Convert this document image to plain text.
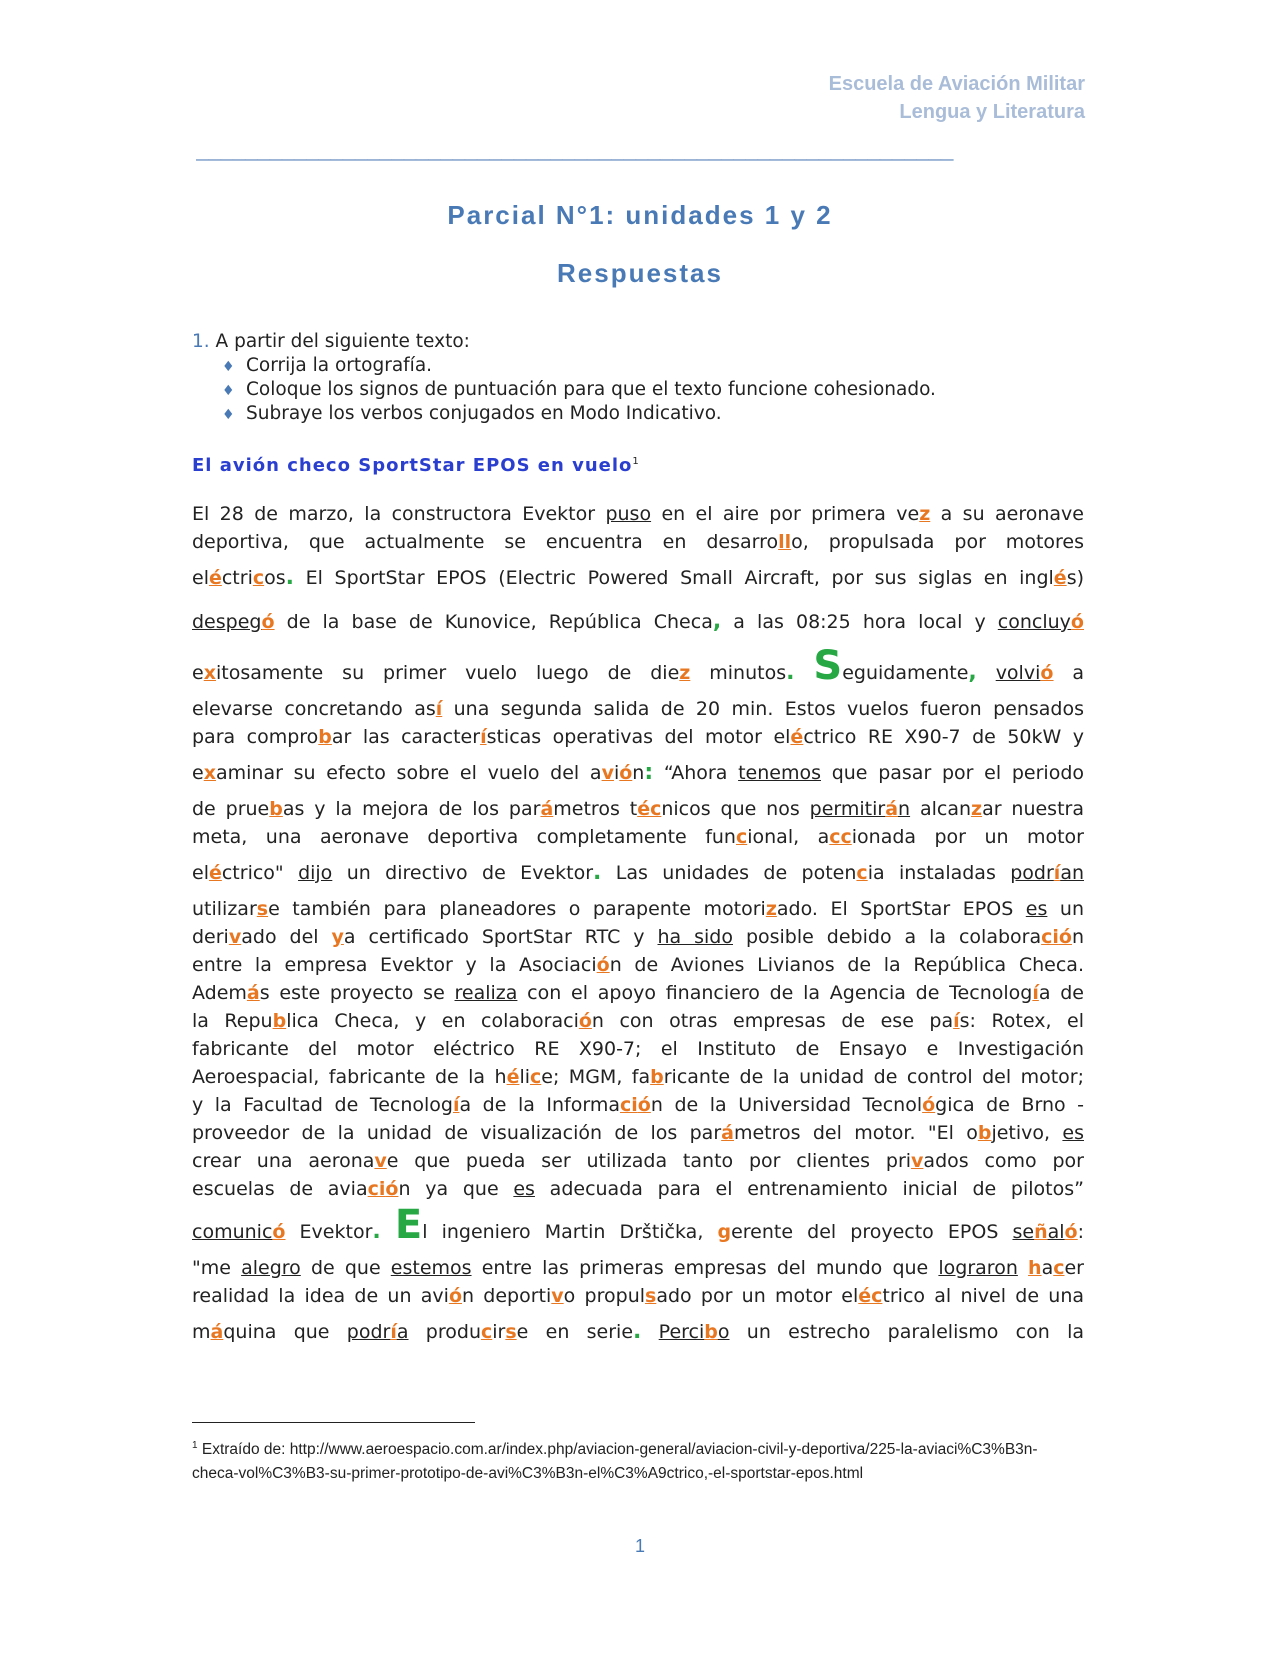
Escuela de Aviación Militar
Lengua y Literatura
______________________________________________________________
Parcial N°1: unidades 1 y 2
Respuestas
1. A partir del siguiente texto:
♦ Corrija la ortografía.
♦ Coloque los signos de puntuación para que el texto funcione cohesionado.
♦ Subraye los verbos conjugados en Modo Indicativo.
El avión checo SportStar EPOS en vuelo$^1$
El 28 de marzo, la constructora Evektor puso en el aire por primera vez a su aeronave
deportiva, que actualmente se encuentra en desarrollo, propulsada por motores
eléctricos. El SportStar EPOS (Electric Powered Small Aircraft, por sus siglas en inglés)
despegó de la base de Kunovice, República Checa, a las 08:25 hora local y concluyó
exitosamente su primer vuelo luego de diez minutos. Seguidamente, volvió a
elevarse concretando así una segunda salida de 20 min. Estos vuelos fueron pensados
para comprobar las características operativas del motor eléctrico RE X90-7 de 50kW y
examinar su efecto sobre el vuelo del avión: “Ahora tenemos que pasar por el periodo
de pruebas y la mejora de los parámetros técnicos que nos permitirán alcanzar nuestra
meta, una aeronave deportiva completamente funcional, accionada por un motor
eléctrico" dijo un directivo de Evektor. Las unidades de potencia instaladas podrían
utilizarse también para planeadores o parapente motorizado. El SportStar EPOS es un
derivado del ya certificado SportStar RTC y ha sido posible debido a la colaboración
entre la empresa Evektor y la Asociación de Aviones Livianos de la República Checa.
Además este proyecto se realiza con el apoyo financiero de la Agencia de Tecnología de
la Republica Checa, y en colaboración con otras empresas de ese país: Rotex, el
fabricante del motor eléctrico RE X90-7; el Instituto de Ensayo e Investigación
Aeroespacial, fabricante de la hélice; MGM, fabricante de la unidad de control del motor;
y la Facultad de Tecnología de la Información de la Universidad Tecnológica de Brno -
proveedor de la unidad de visualización de los parámetros del motor. "El objetivo, es
crear una aeronave que pueda ser utilizada tanto por clientes privados como por
escuelas de aviación ya que es adecuada para el entrenamiento inicial de pilotos”
comunicó Evektor. El ingeniero Martin Drštička, gerente del proyecto EPOS señaló:
"me alegro de que estemos entre las primeras empresas del mundo que lograron hacer
realidad la idea de un avión deportivo propulsado por un motor eléctrico al nivel de una
máquina que podría producirse en serie. Percibo un estrecho paralelismo con la
$^1$ Extraído de: http://www.aeroespacio.com.ar/index.php/aviacion-general/aviacion-civil-y-deportiva/225-la-aviaci%C3%B3n-checa-vol%C3%B3-su-primer-prototipo-de-avi%C3%B3n-el%C3%A9ctrico,-el-sportstar-epos.html
1
